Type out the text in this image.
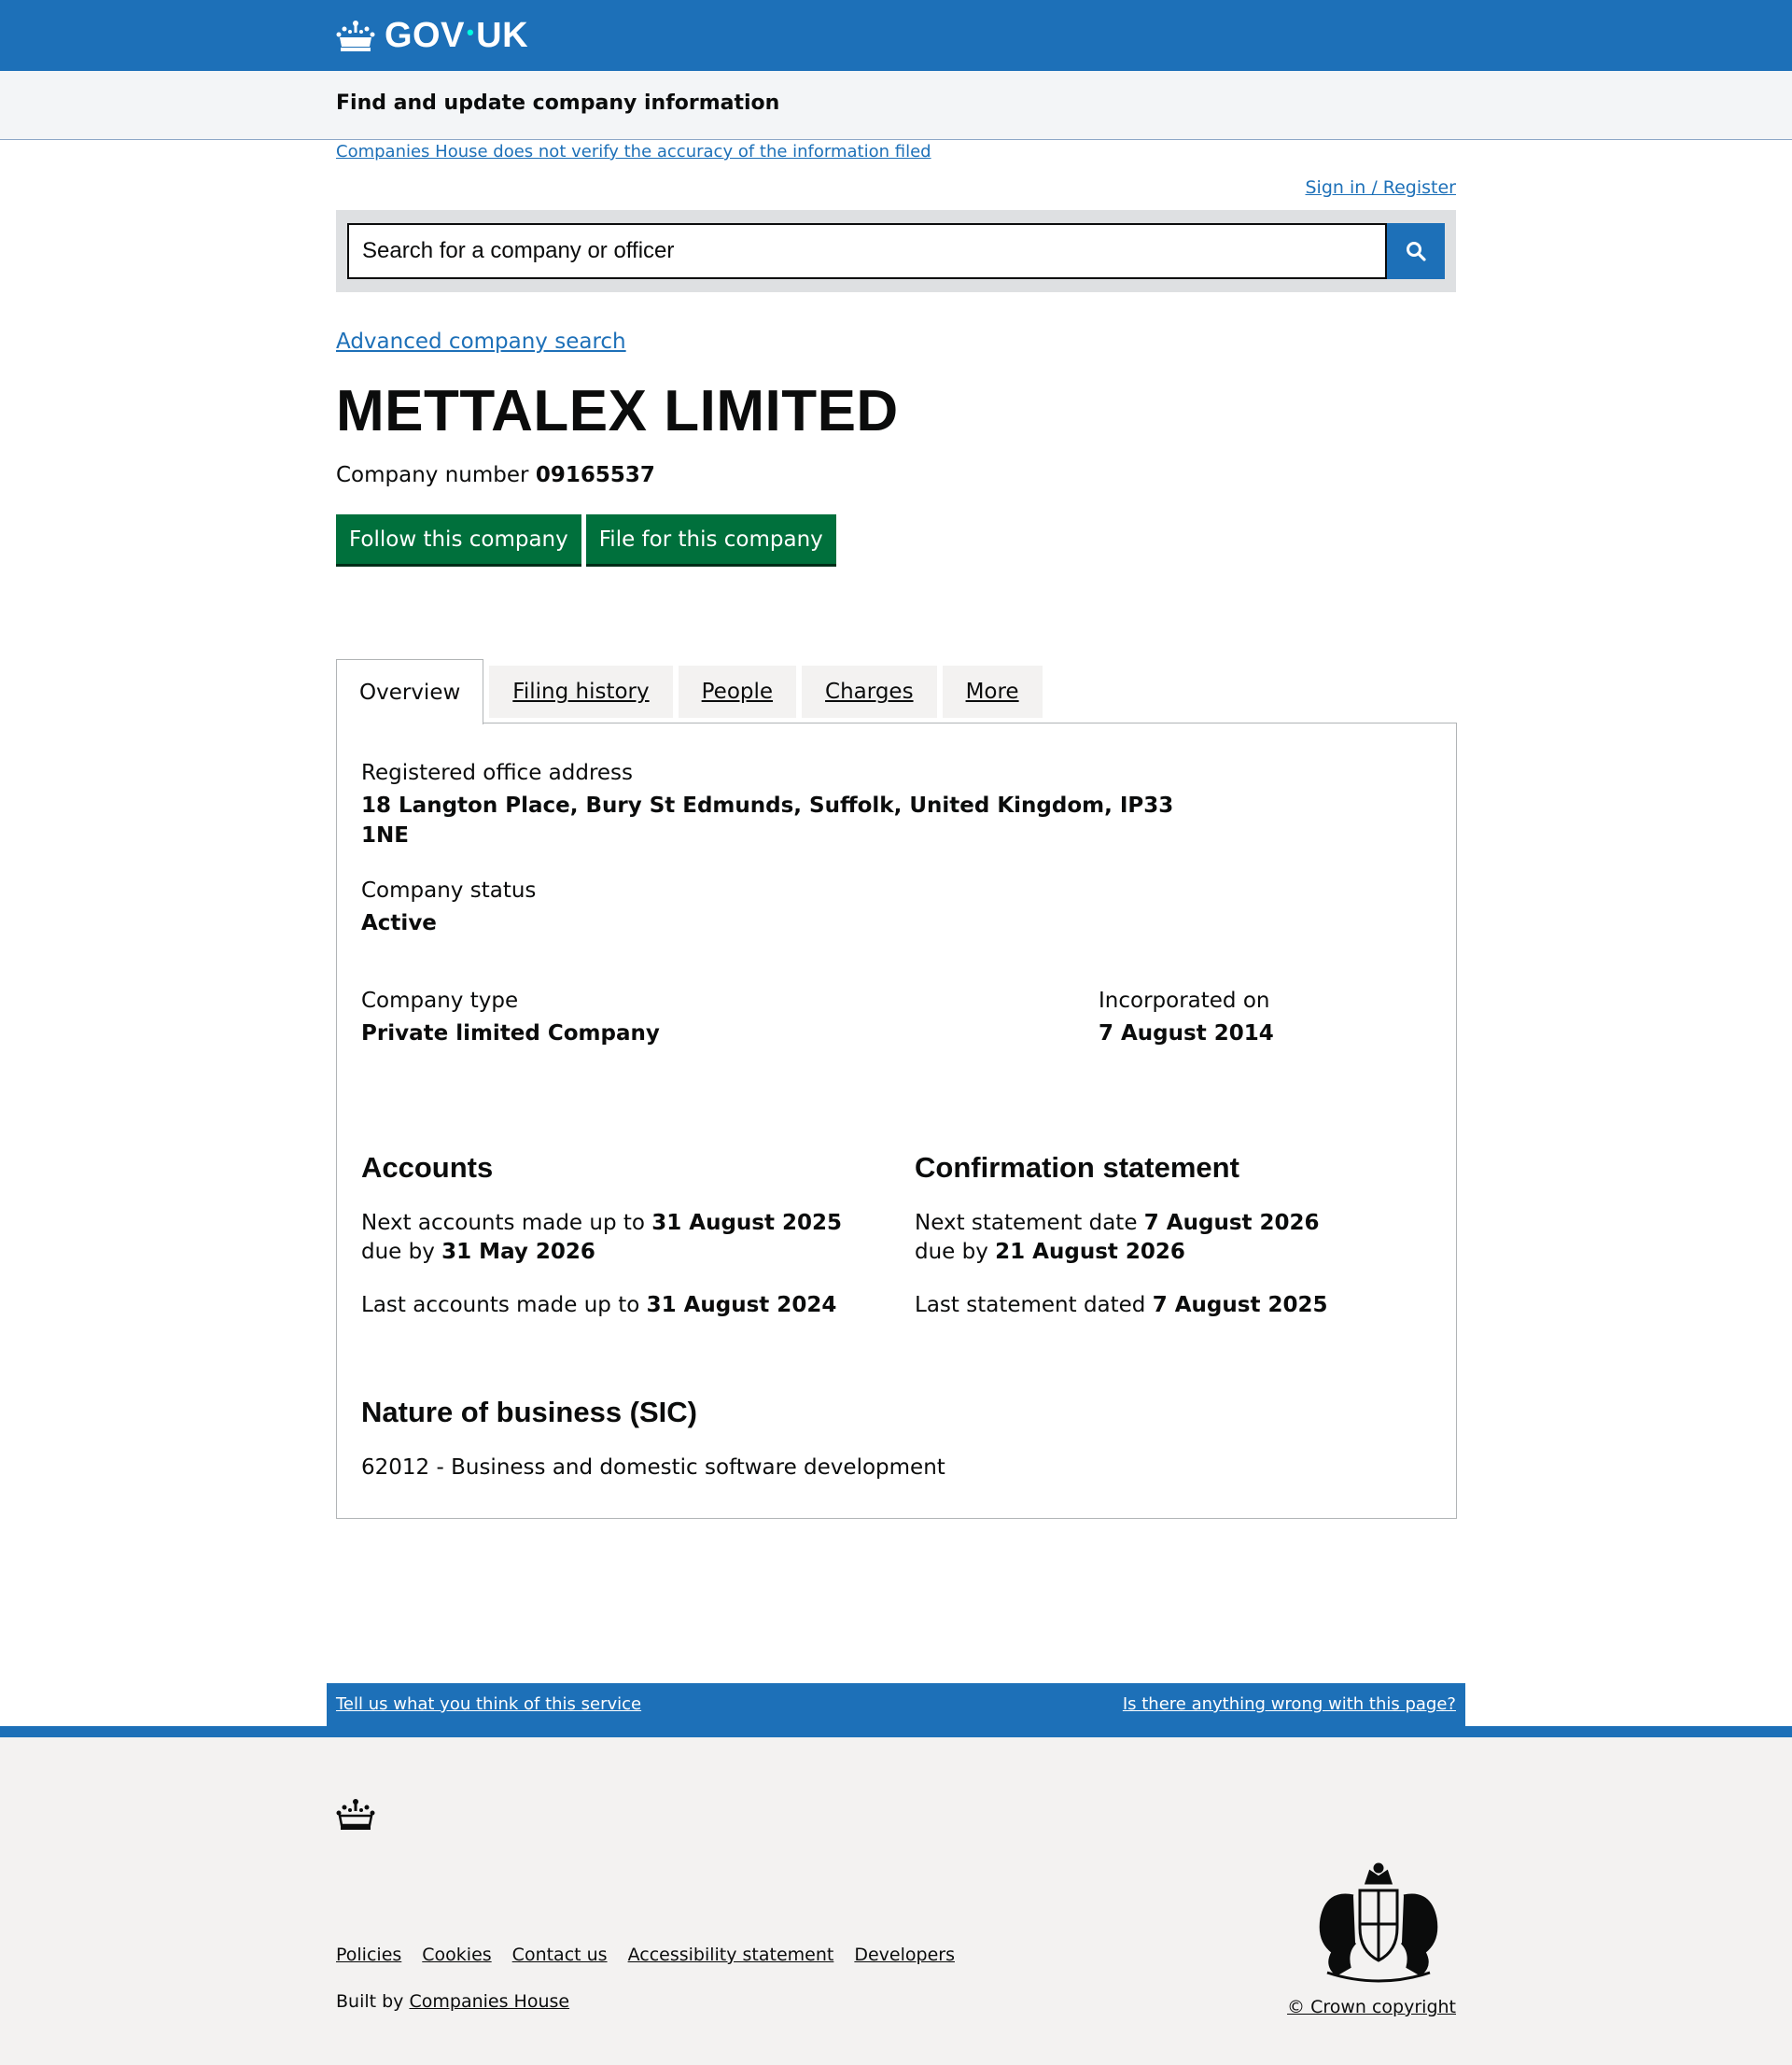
GOV • UK
Find and update company information
Companies House does not verify the accuracy of the information filed
Sign in / Register
Search for a company or officer
Advanced company search
METTALEX LIMITED

Company number 09165537

Follow this company	File for this company
Overview	Filing history	People	Charges	More
Registered office address
18 Langton Place, Bury St Edmunds, Suffolk, United Kingdom, IP33
1NE
Company status
Active
Company type
Private limited Company
Incorporated on
7 August 2014
Accounts

Next accounts made up to 31 August 2025

due by 31 May 2026

Last accounts made up to 31 August 2024

Confirmation statement

Next statement date 7 August 2026

due by 21 August 2026

Last statement dated 7 August 2025

Nature of business (SIC)

62012 - Business and domestic software development

Tell us what you think of this service	Is there anything wrong with this page?
Policies Cookies Contact us Accessibility statement Developers

Built by Companies House	© Crown copyright
